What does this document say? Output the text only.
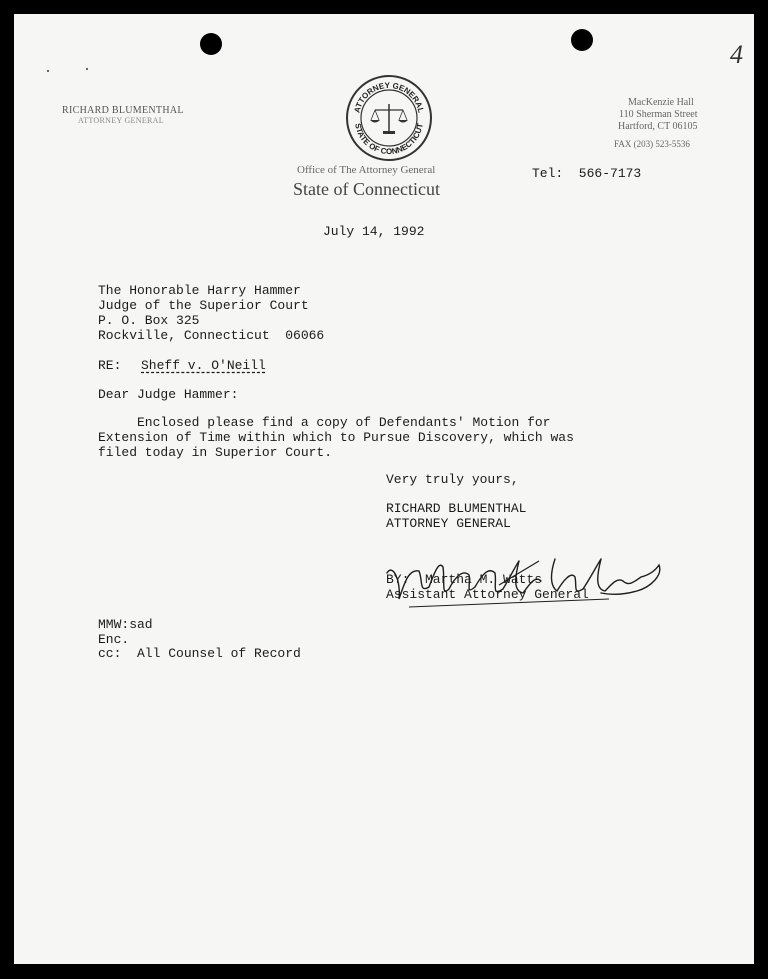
4
RICHARD BLUMENTHAL
ATTORNEY GENERAL
ATTORNEY GENERAL
STATE OF CONNECTICUT
Office of The Attorney General
State of Connecticut
MacKenzie Hall
110 Sherman Street
Hartford, CT 06105
FAX (203) 523-5536
Tel:  566-7173
July 14, 1992
The Honorable Harry Hammer
Judge of the Superior Court
P. O. Box 325
Rockville, Connecticut  06066
RE: Sheff v. O'Neill
Dear Judge Hammer:
Enclosed please find a copy of Defendants' Motion for
Extension of Time within which to Pursue Discovery, which was
filed today in Superior Court.
Very truly yours,
RICHARD BLUMENTHAL
ATTORNEY GENERAL
BY:  Martha M. Watts
Assistant Attorney General
MMW:sad
Enc.
cc:  All Counsel of Record
